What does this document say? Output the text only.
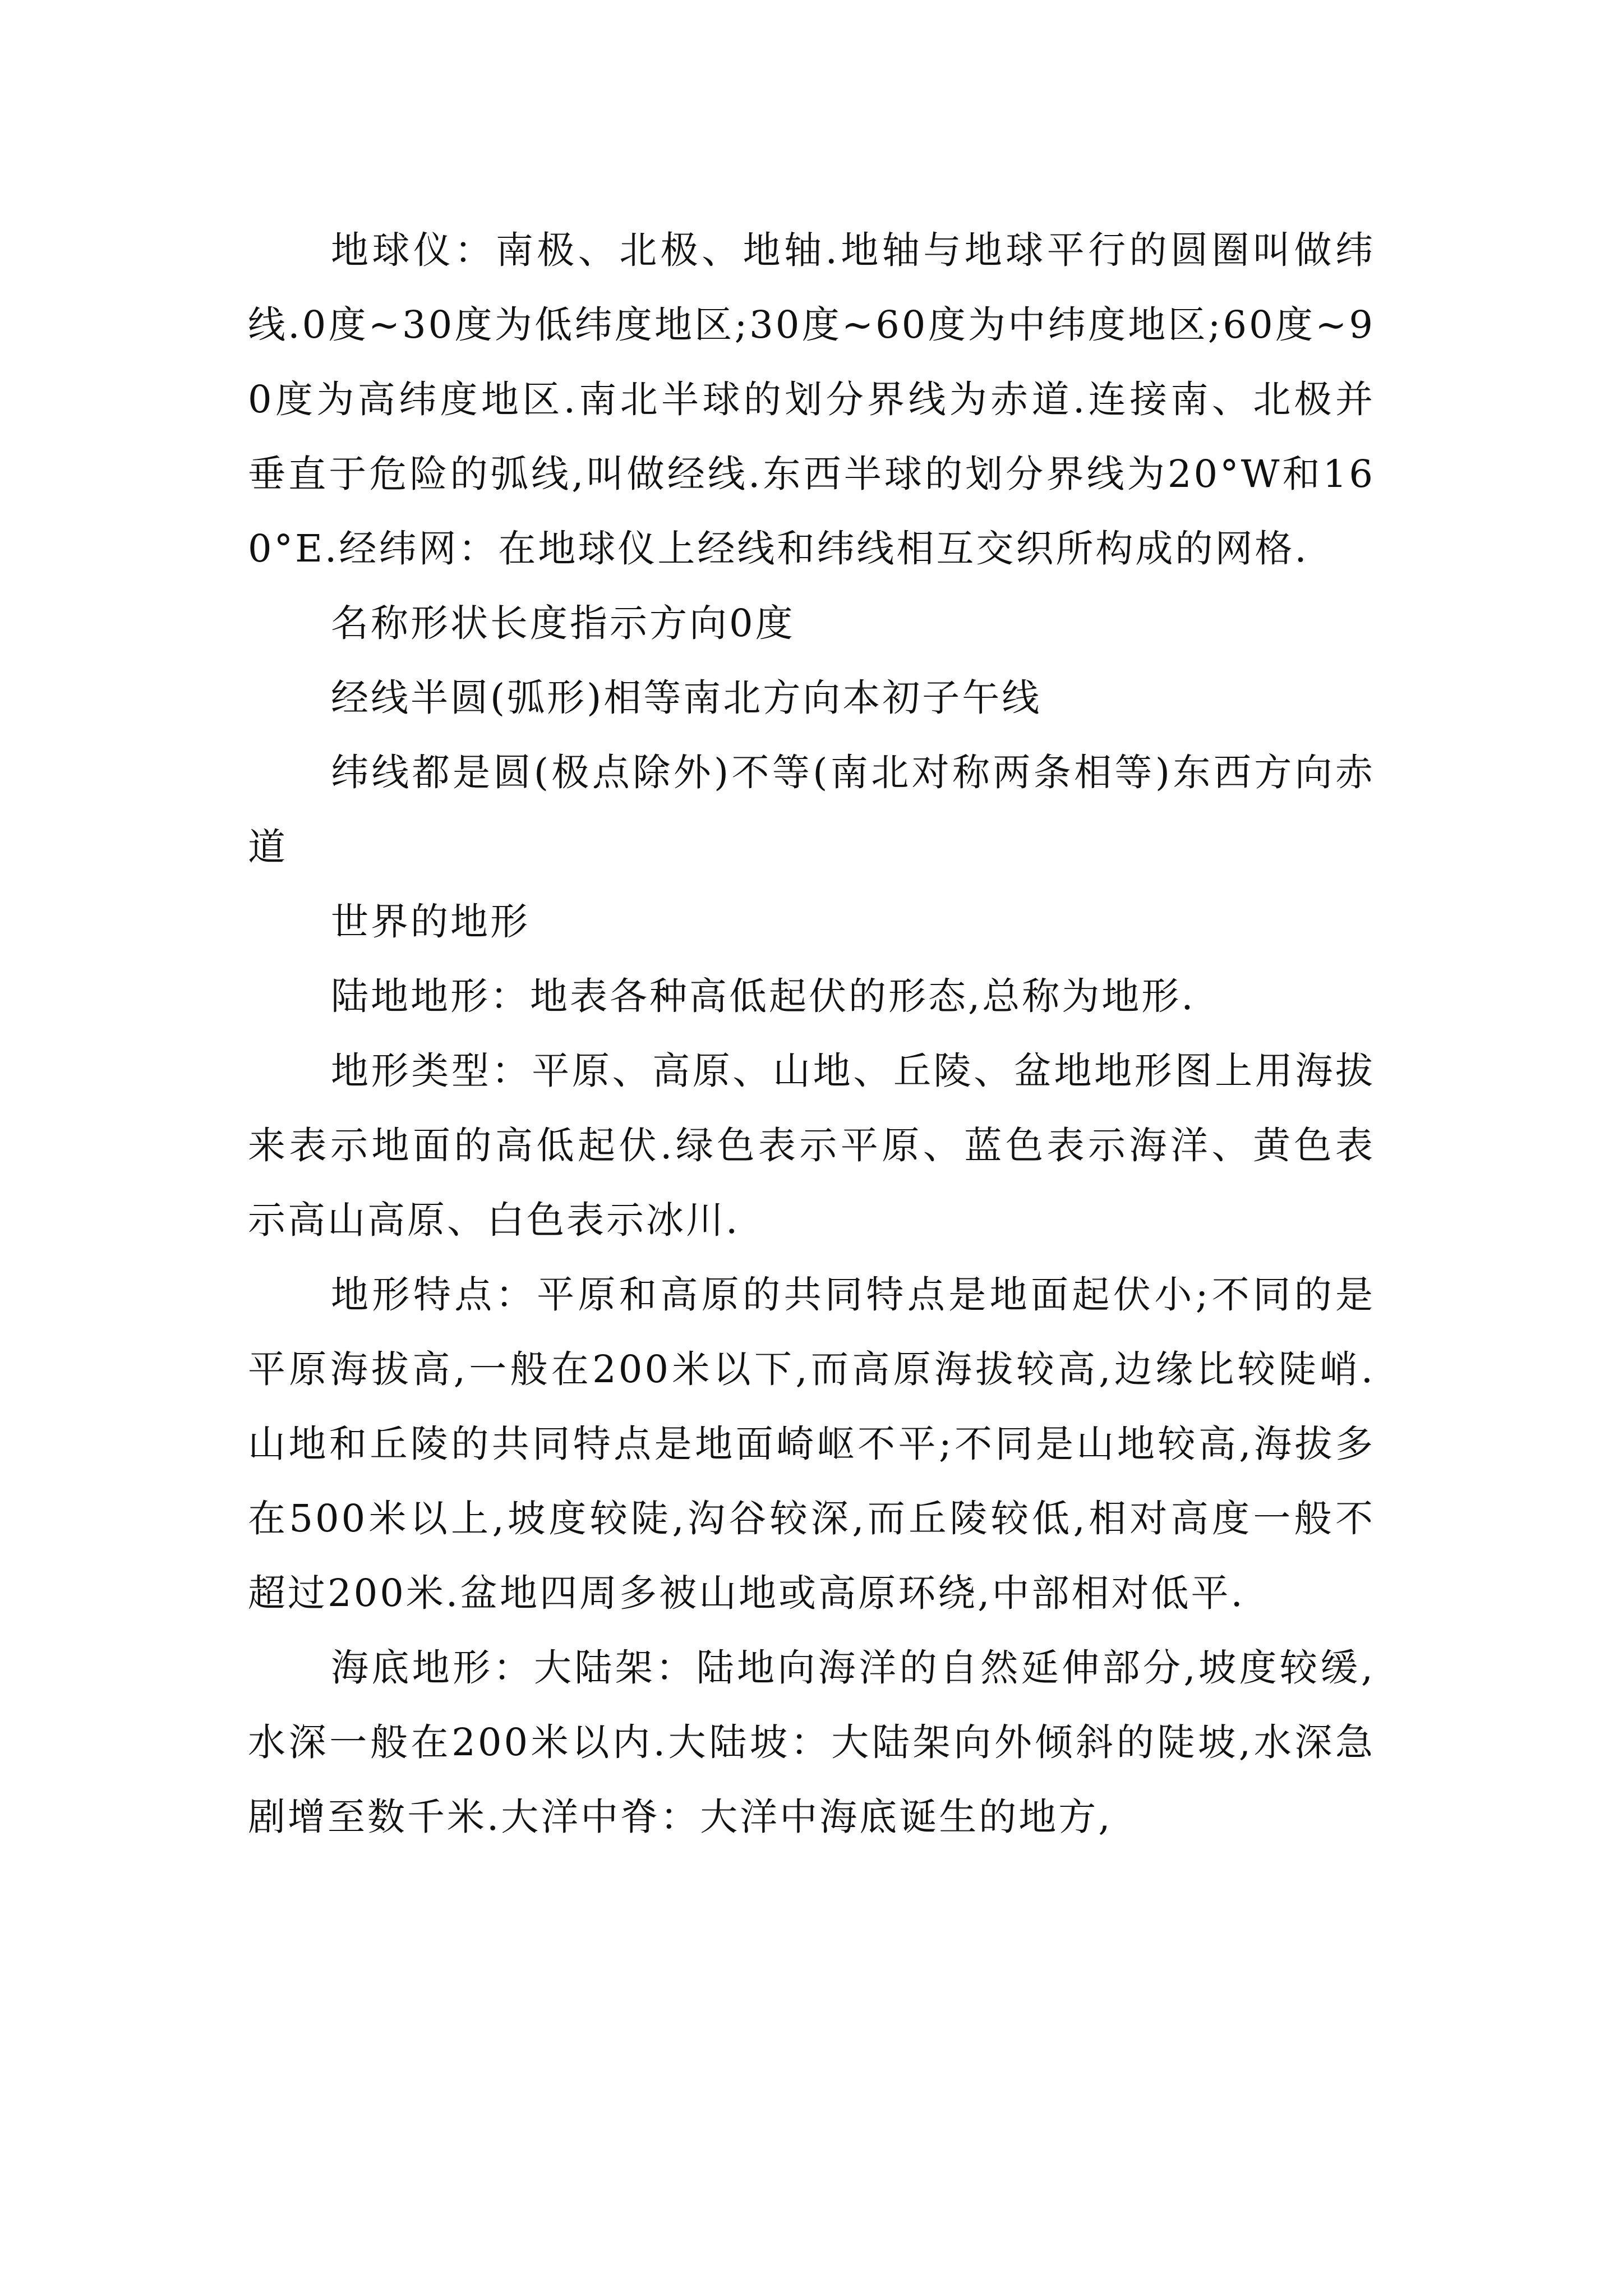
地球仪：南极、北极、地轴.地轴与地球平行的圆圈叫做纬线.0度~30度为低纬度地区;30度~60度为中纬度地区;60度~90度为高纬度地区.南北半球的划分界线为赤道.连接南、北极并垂直于危险的弧线,叫做经线.东西半球的划分界线为20°W和160°E.经纬网：在地球仪上经线和纬线相互交织所构成的网格.

名称形状长度指示方向0度

经线半圆(弧形)相等南北方向本初子午线

纬线都是圆(极点除外)不等(南北对称两条相等)东西方向赤道

世界的地形

陆地地形：地表各种高低起伏的形态,总称为地形.

地形类型：平原、高原、山地、丘陵、盆地地形图上用海拔来表示地面的高低起伏.绿色表示平原、蓝色表示海洋、黄色表示高山高原、白色表示冰川.

地形特点：平原和高原的共同特点是地面起伏小;不同的是平原海拔高,一般在200米以下,而高原海拔较高,边缘比较陡峭.山地和丘陵的共同特点是地面崎岖不平;不同是山地较高,海拔多在500米以上,坡度较陡,沟谷较深,而丘陵较低,相对高度一般不超过200米.盆地四周多被山地或高原环绕,中部相对低平.

海底地形：大陆架：陆地向海洋的自然延伸部分,坡度较缓,水深一般在200米以内.大陆坡：大陆架向外倾斜的陡坡,水深急剧增至数千米.大洋中脊：大洋中海底诞生的地方,
